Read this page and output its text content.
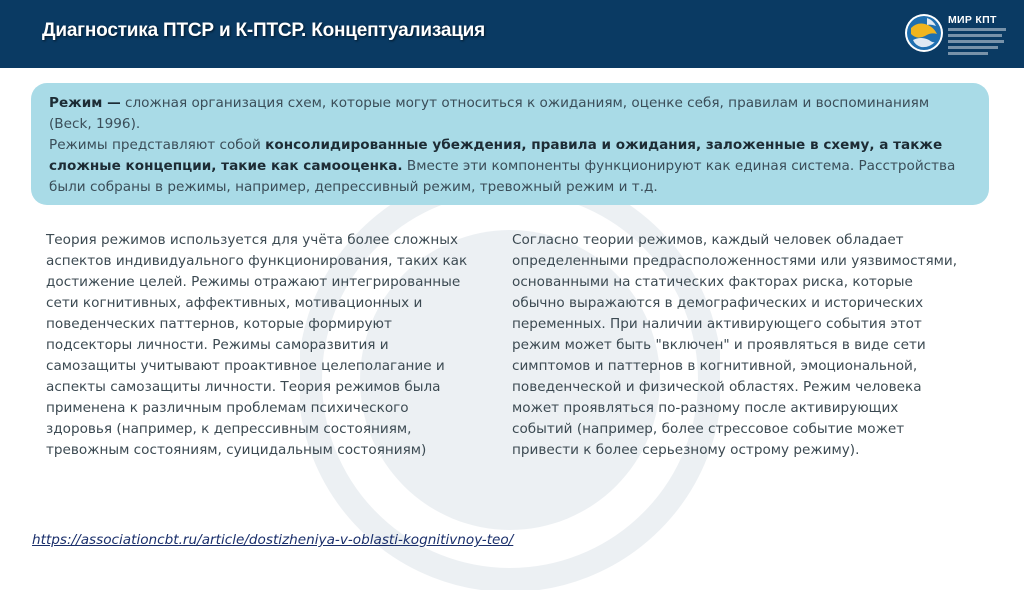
Диагностика ПТСР и К-ПТСР. Концептуализация	МИР КПТ

Режим — сложная организация схем, которые могут относиться к ожиданиям, оценке себя, правилам и воспоминаниям (Beck, 1996).

Режимы представляют собой консолидированные убеждения, правила и ожидания, заложенные в схему, а также сложные концепции, такие как самооценка. Вместе эти компоненты функционируют как единая система. Расстройства были собраны в режимы, например, депрессивный режим, тревожный режим и т.д.

Теория режимов используется для учёта более сложных аспектов индивидуального функционирования, таких как достижение целей. Режимы отражают интегрированные сети когнитивных, аффективных, мотивационных и поведенческих паттернов, которые формируют подсекторы личности. Режимы саморазвития и самозащиты учитывают проактивное целеполагание и аспекты самозащиты личности. Теория режимов была применена к различным проблемам психического здоровья (например, к депрессивным состояниям, тревожным состояниям, суицидальным состояниям)
Согласно теории режимов, каждый человек обладает определенными предрасположенностями или уязвимостями, основанными на статических факторах риска, которые обычно выражаются в демографических и исторических переменных. При наличии активирующего события этот режим может быть "включен" и проявляться в виде сети симптомов и паттернов в когнитивной, эмоциональной, поведенческой и физической областях. Режим человека может проявляться по-разному после активирующих событий (например, более стрессовое событие может привести к более серьезному острому режиму).
https://associationcbt.ru/article/dostizheniya-v-oblasti-kognitivnoy-teo/
